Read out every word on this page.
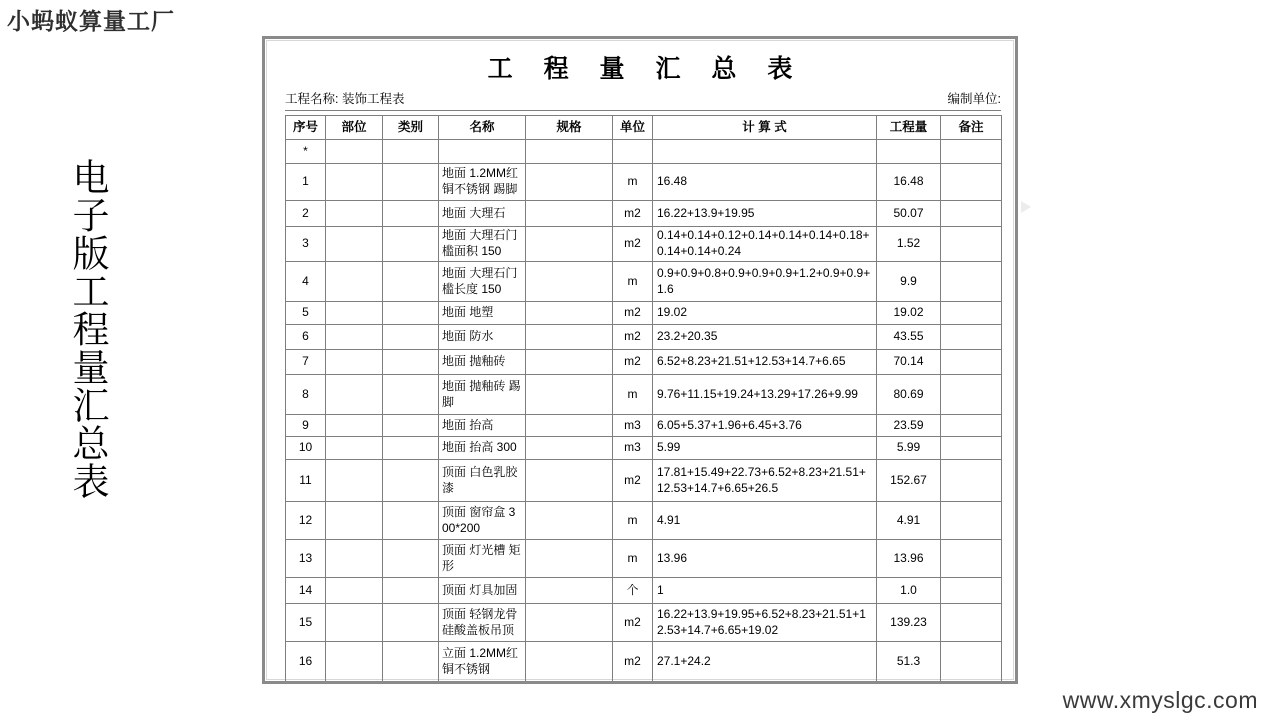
小蚂蚁算量工厂
电子版工程量汇总表
工 程 量 汇 总 表
工程名称: 装饰工程表	编制单位:
序号	部位	类别	名称	规格	单位	计 算 式	工程量	备注
*								
1			地面 1.2MM红铜不锈钢 踢脚		m	16.48	16.48	
2			地面 大理石		m2	16.22+13.9+19.95	50.07	
3			地面 大理石门槛面积 150		m2	0.14+0.14+0.12+0.14+0.14+0.14+0.18+0.14+0.14+0.24	1.52	
4			地面 大理石门槛长度 150		m	0.9+0.9+0.8+0.9+0.9+0.9+1.2+0.9+0.9+1.6	9.9	
5			地面 地塑		m2	19.02	19.02	
6			地面 防水		m2	23.2+20.35	43.55	
7			地面 抛釉砖		m2	6.52+8.23+21.51+12.53+14.7+6.65	70.14	
8			地面 抛釉砖 踢脚		m	9.76+11.15+19.24+13.29+17.26+9.99	80.69	
9			地面 抬高		m3	6.05+5.37+1.96+6.45+3.76	23.59	
10			地面 抬高 300		m3	5.99	5.99	
11			顶面 白色乳胶漆		m2	17.81+15.49+22.73+6.52+8.23+21.51+12.53+14.7+6.65+26.5	152.67	
12			顶面 窗帘盒 300*200		m	4.91	4.91	
13			顶面 灯光槽 矩形		m	13.96	13.96	
14			顶面 灯具加固		个	1	1.0	
15			顶面 轻钢龙骨硅酸盖板吊顶		m2	16.22+13.9+19.95+6.52+8.23+21.51+12.53+14.7+6.65+19.02	139.23	
16			立面 1.2MM红铜不锈钢		m2	27.1+24.2	51.3	
www.xmyslgc.com
